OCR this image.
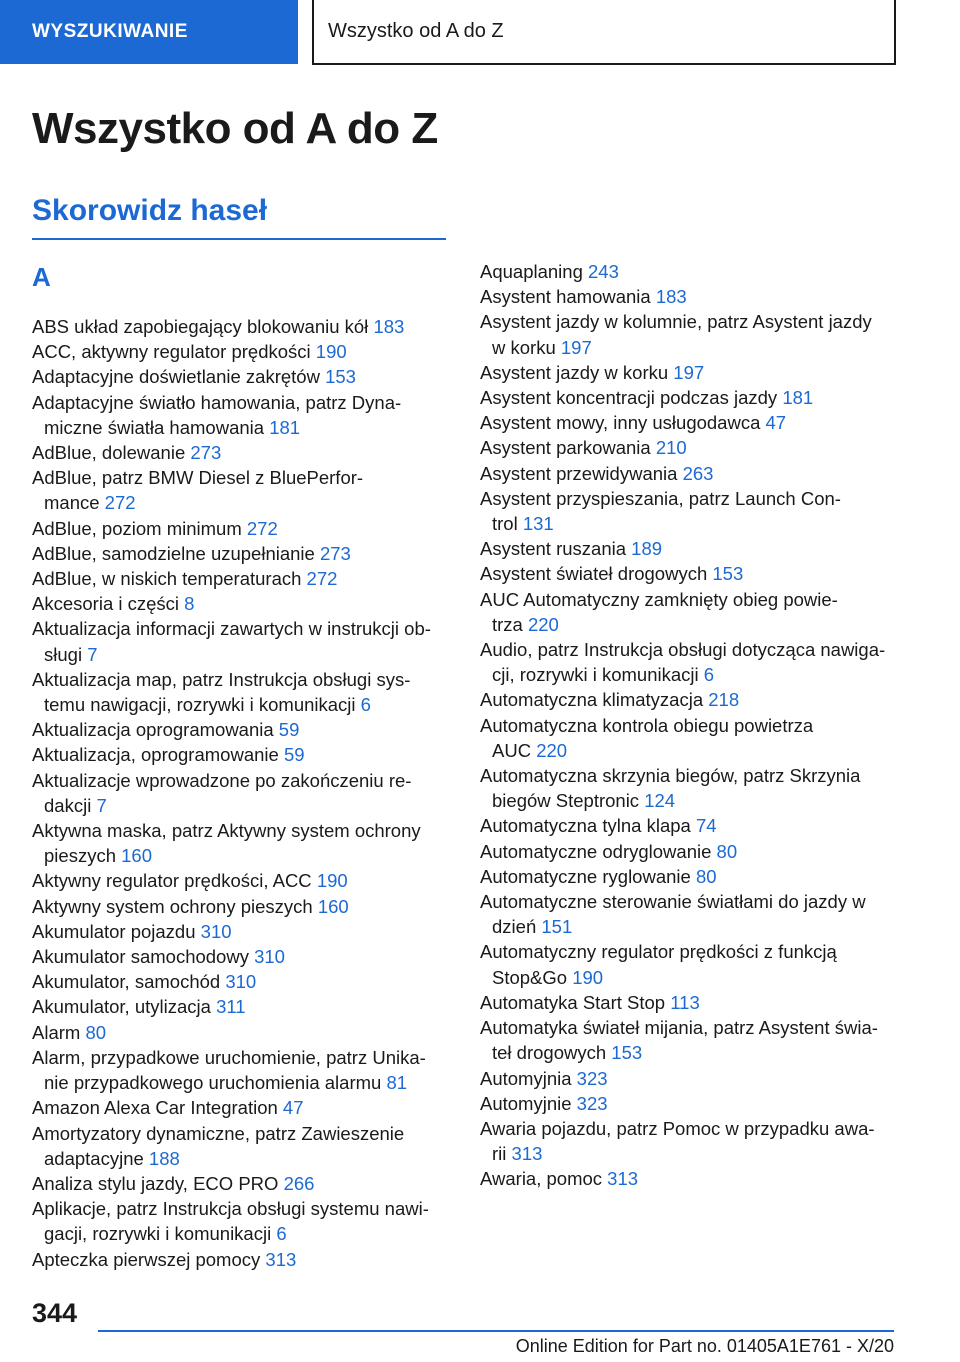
WYSZUKIWANIE	Wszystko od A do Z
Wszystko od A do Z
Skorowidz haseł
A
ABS układ zapobiegający blokowaniu kół 183
ACC, aktywny regulator prędkości 190
Adaptacyjne doświetlanie zakrętów 153
Adaptacyjne światło hamowania, patrz Dyna-
miczne światła hamowania 181
AdBlue, dolewanie 273
AdBlue, patrz BMW Diesel z BluePerfor-
mance 272
AdBlue, poziom minimum 272
AdBlue, samodzielne uzupełnianie 273
AdBlue, w niskich temperaturach 272
Akcesoria i części 8
Aktualizacja informacji zawartych w instrukcji ob-
sługi 7
Aktualizacja map, patrz Instrukcja obsługi sys-
temu nawigacji, rozrywki i komunikacji 6
Aktualizacja oprogramowania 59
Aktualizacja, oprogramowanie 59
Aktualizacje wprowadzone po zakończeniu re-
dakcji 7
Aktywna maska, patrz Aktywny system ochrony
pieszych 160
Aktywny regulator prędkości, ACC 190
Aktywny system ochrony pieszych 160
Akumulator pojazdu 310
Akumulator samochodowy 310
Akumulator, samochód 310
Akumulator, utylizacja 311
Alarm 80
Alarm, przypadkowe uruchomienie, patrz Unika-
nie przypadkowego uruchomienia alarmu 81
Amazon Alexa Car Integration 47
Amortyzatory dynamiczne, patrz Zawieszenie
adaptacyjne 188
Analiza stylu jazdy, ECO PRO 266
Aplikacje, patrz Instrukcja obsługi systemu nawi-
gacji, rozrywki i komunikacji 6
Apteczka pierwszej pomocy 313
Aquaplaning 243
Asystent hamowania 183
Asystent jazdy w kolumnie, patrz Asystent jazdy
w korku 197
Asystent jazdy w korku 197
Asystent koncentracji podczas jazdy 181
Asystent mowy, inny usługodawca 47
Asystent parkowania 210
Asystent przewidywania 263
Asystent przyspieszania, patrz Launch Con-
trol 131
Asystent ruszania 189
Asystent świateł drogowych 153
AUC Automatyczny zamknięty obieg powie-
trza 220
Audio, patrz Instrukcja obsługi dotycząca nawiga-
cji, rozrywki i komunikacji 6
Automatyczna klimatyzacja 218
Automatyczna kontrola obiegu powietrza
AUC 220
Automatyczna skrzynia biegów, patrz Skrzynia
biegów Steptronic 124
Automatyczna tylna klapa 74
Automatyczne odryglowanie 80
Automatyczne ryglowanie 80
Automatyczne sterowanie światłami do jazdy w
dzień 151
Automatyczny regulator prędkości z funkcją
Stop&Go 190
Automatyka Start Stop 113
Automatyka świateł mijania, patrz Asystent świa-
teł drogowych 153
Automyjnia 323
Automyjnie 323
Awaria pojazdu, patrz Pomoc w przypadku awa-
rii 313
Awaria, pomoc 313
344
Online Edition for Part no. 01405A1E761 - X/20
